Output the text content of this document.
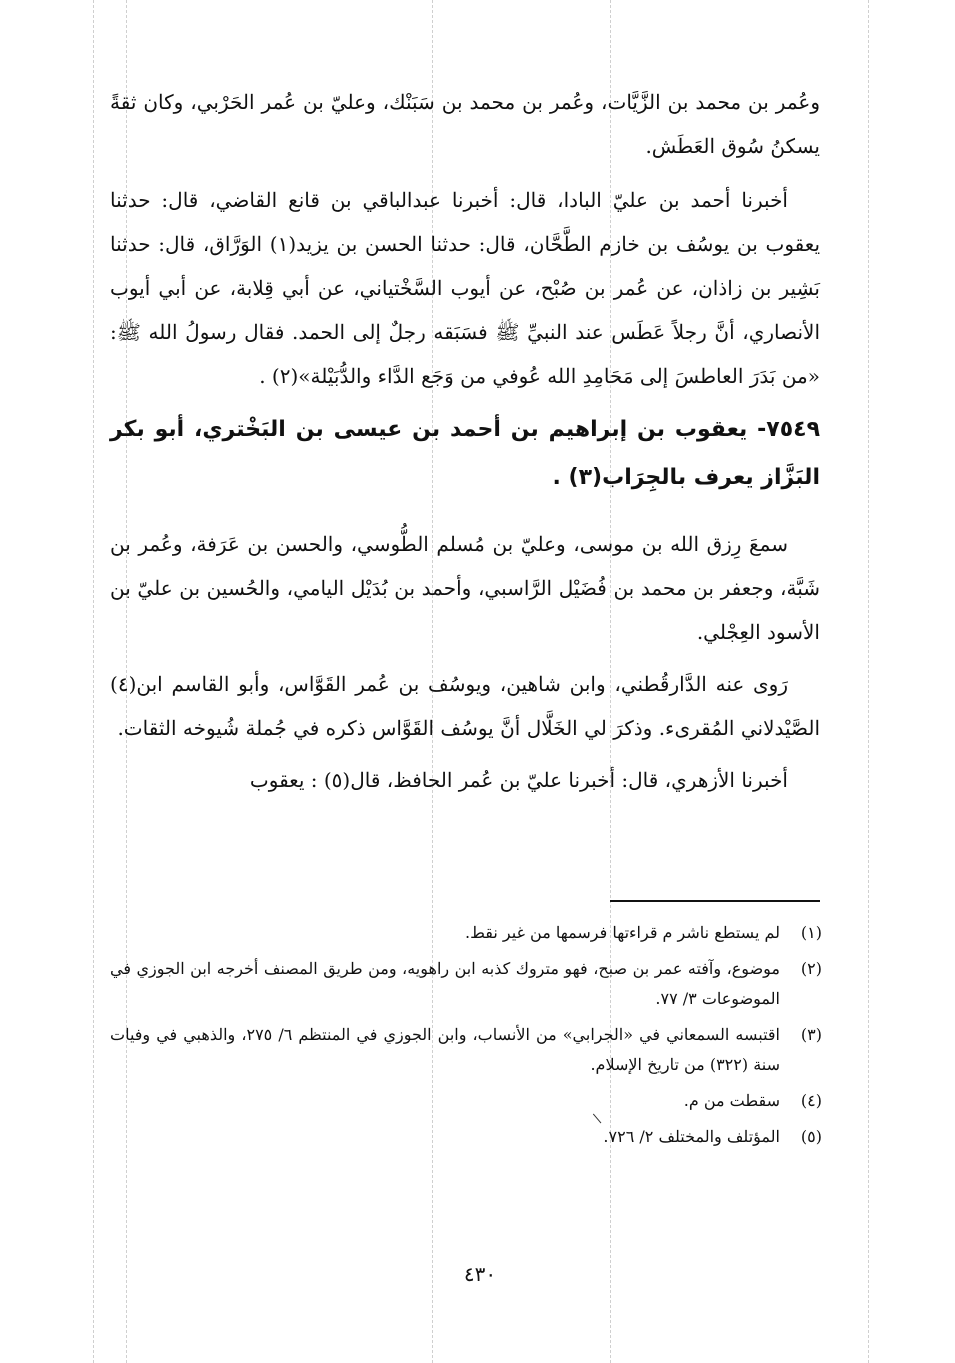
وعُمر بن محمد بن الزَّيَّات، وعُمر بن محمد بن سَبَنْك، وعليّ بن عُمر الحَرْبي، وكان ثقةً يسكنُ سُوق العَطَش.

أخبرنا أحمد بن عليّ البادا، قال: أخبرنا عبدالباقي بن قانع القاضي، قال: حدثنا يعقوب بن يوسُف بن خازم الطَّحَّان، قال: حدثنا الحسن بن يزيد(١) الوَرَّاق، قال: حدثنا بَشِير بن زاذان، عن عُمر بن صُبْح، عن أيوب السَّخْتياني، عن أبي قِلابة، عن أبي أيوب الأنصاري، أنَّ رجلاً عَطَس عند النبيِّ ﷺ فسَبَقه رجلٌ إلى الحمد. فقال رسولُ الله ﷺ: «من بَدَرَ العاطسَ إلى مَحَامِدِ الله عُوفي من وَجَع الدَّاء والدُّبَيْلة»(٢) .

٧٥٤٩- يعقوب بن إبراهيم بن أحمد بن عيسى بن البَخْتري، أبو بكر البَزَّاز يعرف بالجِرَاب(٣) .

سمعَ رِزق الله بن موسى، وعليّ بن مُسلم الطُّوسي، والحسن بن عَرَفة، وعُمر بن شَبَّة، وجعفر بن محمد بن فُضَيْل الرَّاسبي، وأحمد بن بُدَيْل اليامي، والحُسين بن عليّ بن الأسود العِجْلي.

رَوى عنه الدَّارقُطني، وابن شاهين، ويوسُف بن عُمر القَوَّاس، وأبو القاسم ابن(٤) الصَّيْدلاني المُقرىء. وذكرَ لي الخَلَّال أنَّ يوسُف القَوَّاس ذكره في جُملة شُيوخه الثقات.

أخبرنا الأزهري، قال: أخبرنا عليّ بن عُمر الحافظ، قال(٥) : يعقوب

(١)
لم يستطع ناشر م قراءتها فرسمها من غير نقط.
(٢)
موضوع، وآفته عمر بن صبح، فهو متروك كذبه ابن راهويه، ومن طريق المصنف أخرجه ابن الجوزي في الموضوعات ٣/ ٧٧.
(٣)
اقتبسه السمعاني في «الجرابي» من الأنساب، وابن الجوزي في المنتظم ٦/ ٢٧٥، والذهبي في وفيات سنة (٣٢٢) من تاريخ الإسلام.
(٤)
سقطت من م.
(٥)
المؤتلف والمختلف ٢/ ٧٢٦.
٤٣٠
